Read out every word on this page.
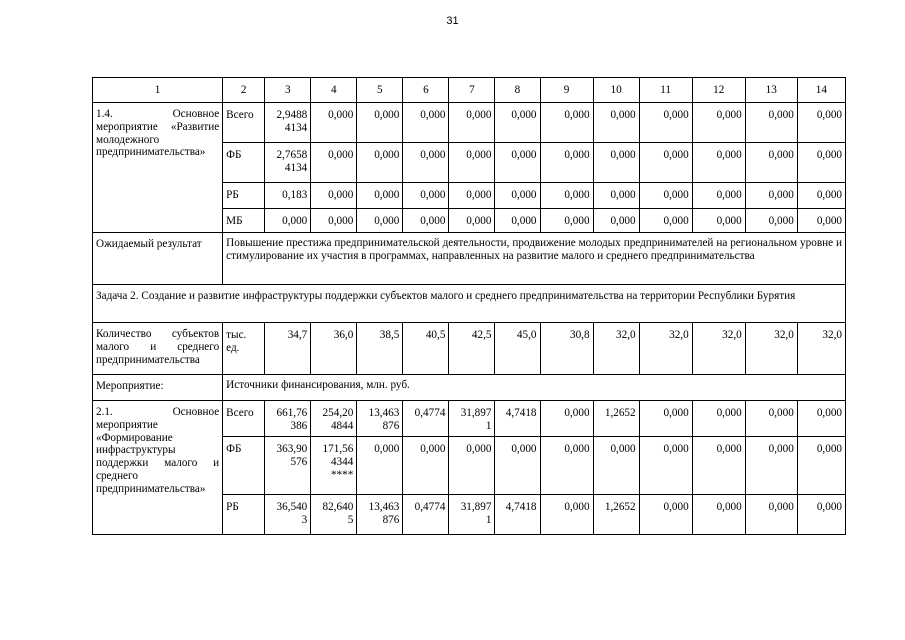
31
1	2	3	4	5	6	7	8	9	10	11	12	13	14
1.4. Основное мероприятие «Развитие молодежного предпринимательства»	Всего	2,9488 4134	0,000	0,000	0,000	0,000	0,000	0,000	0,000	0,000	0,000	0,000	0,000
	ФБ	2,7658 4134	0,000	0,000	0,000	0,000	0,000	0,000	0,000	0,000	0,000	0,000	0,000
	РБ	0,183	0,000	0,000	0,000	0,000	0,000	0,000	0,000	0,000	0,000	0,000	0,000
	МБ	0,000	0,000	0,000	0,000	0,000	0,000	0,000	0,000	0,000	0,000	0,000	0,000
Ожидаемый результат	Повышение престижа предпринимательской деятельности, продвижение молодых предпринимателей на региональном уровне и стимулирование их участия в программах, направленных на развитие малого и среднего предпринимательства												
Задача 2. Создание и развитие инфраструктуры поддержки субъектов малого и среднего предпринимательства на территории Республики Бурятия													
Количество субъектов малого и среднего предпринимательства	тыс. ед.	34,7	36,0	38,5	40,5	42,5	45,0	30,8	32,0	32,0	32,0	32,0	32,0
Мероприятие:	Источники финансирования, млн. руб.												
2.1. Основное мероприятие «Формирование инфраструктуры поддержки малого и среднего предпринимательства»	Всего	661,76 386	254,20 4844	13,463 876	0,4774	31,897 1	4,7418	0,000	1,2652	0,000	0,000	0,000	0,000
	ФБ	363,90 576	171,56 4344 ****	0,000	0,000	0,000	0,000	0,000	0,000	0,000	0,000	0,000	0,000
	РБ	36,540 3	82,640 5	13,463 876	0,4774	31,897 1	4,7418	0,000	1,2652	0,000	0,000	0,000	0,000
